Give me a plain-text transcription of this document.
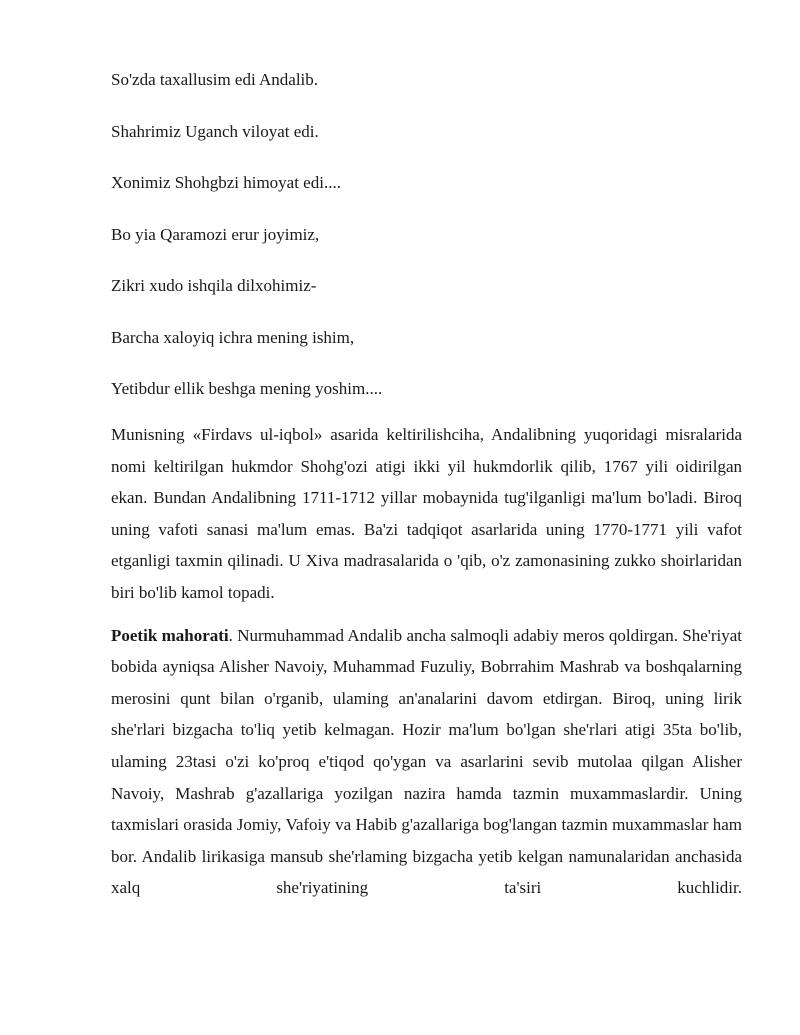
So'zda taxallusim edi Andalib.

Shahrimiz Uganch viloyat edi.

Xonimiz Shohgbzi himoyat edi....

Bo yia Qaramozi erur joyimiz,

Zikri xudo ishqila dilxohimiz-

Barcha xaloyiq ichra mening ishim,

Yetibdur ellik beshga mening yoshim....

Munisning «Firdavs ul-iqbol» asarida keltirilishciha, Andalibning yuqoridagi misralarida nomi keltirilgan hukmdor Shohg'ozi atigi ikki yil hukmdorlik qilib, 1767 yili oidirilgan ekan. Bundan Andalibning 1711-1712 yillar mobaynida tug'ilganligi ma'lum bo'ladi. Biroq uning vafoti sanasi ma'lum emas. Ba'zi tadqiqot asarlarida uning 1770-1771 yili vafot etganligi taxmin qilinadi. U Xiva madrasalarida o 'qib, o'z zamonasining zukko shoirlaridan biri bo'lib kamol topadi.

Poetik mahorati. Nurmuhammad Andalib ancha salmoqli adabiy meros qoldirgan. She'riyat bobida ayniqsa Alisher Navoiy, Muhammad Fuzuliy, Bobrrahim Mashrab va boshqalarning merosini qunt bilan o'rganib, ulaming an'analarini davom etdirgan. Biroq, uning lirik she'rlari bizgacha to'liq yetib kelmagan. Hozir ma'lum bo'lgan she'rlari atigi 35ta bo'lib, ulaming 23tasi o'zi ko'proq e'tiqod qo'ygan va asarlarini sevib mutolaa qilgan Alisher Navoiy, Mashrab g'azallariga yozilgan nazira hamda tazmin muxammaslardir. Uning taxmislari orasida Jomiy, Vafoiy va Habib g'azallariga bog'langan tazmin muxammaslar ham bor. Andalib lirikasiga mansub she'rlaming bizgacha yetib kelgan namunalaridan anchasida xalq she'riyatining ta'siri kuchlidir.
